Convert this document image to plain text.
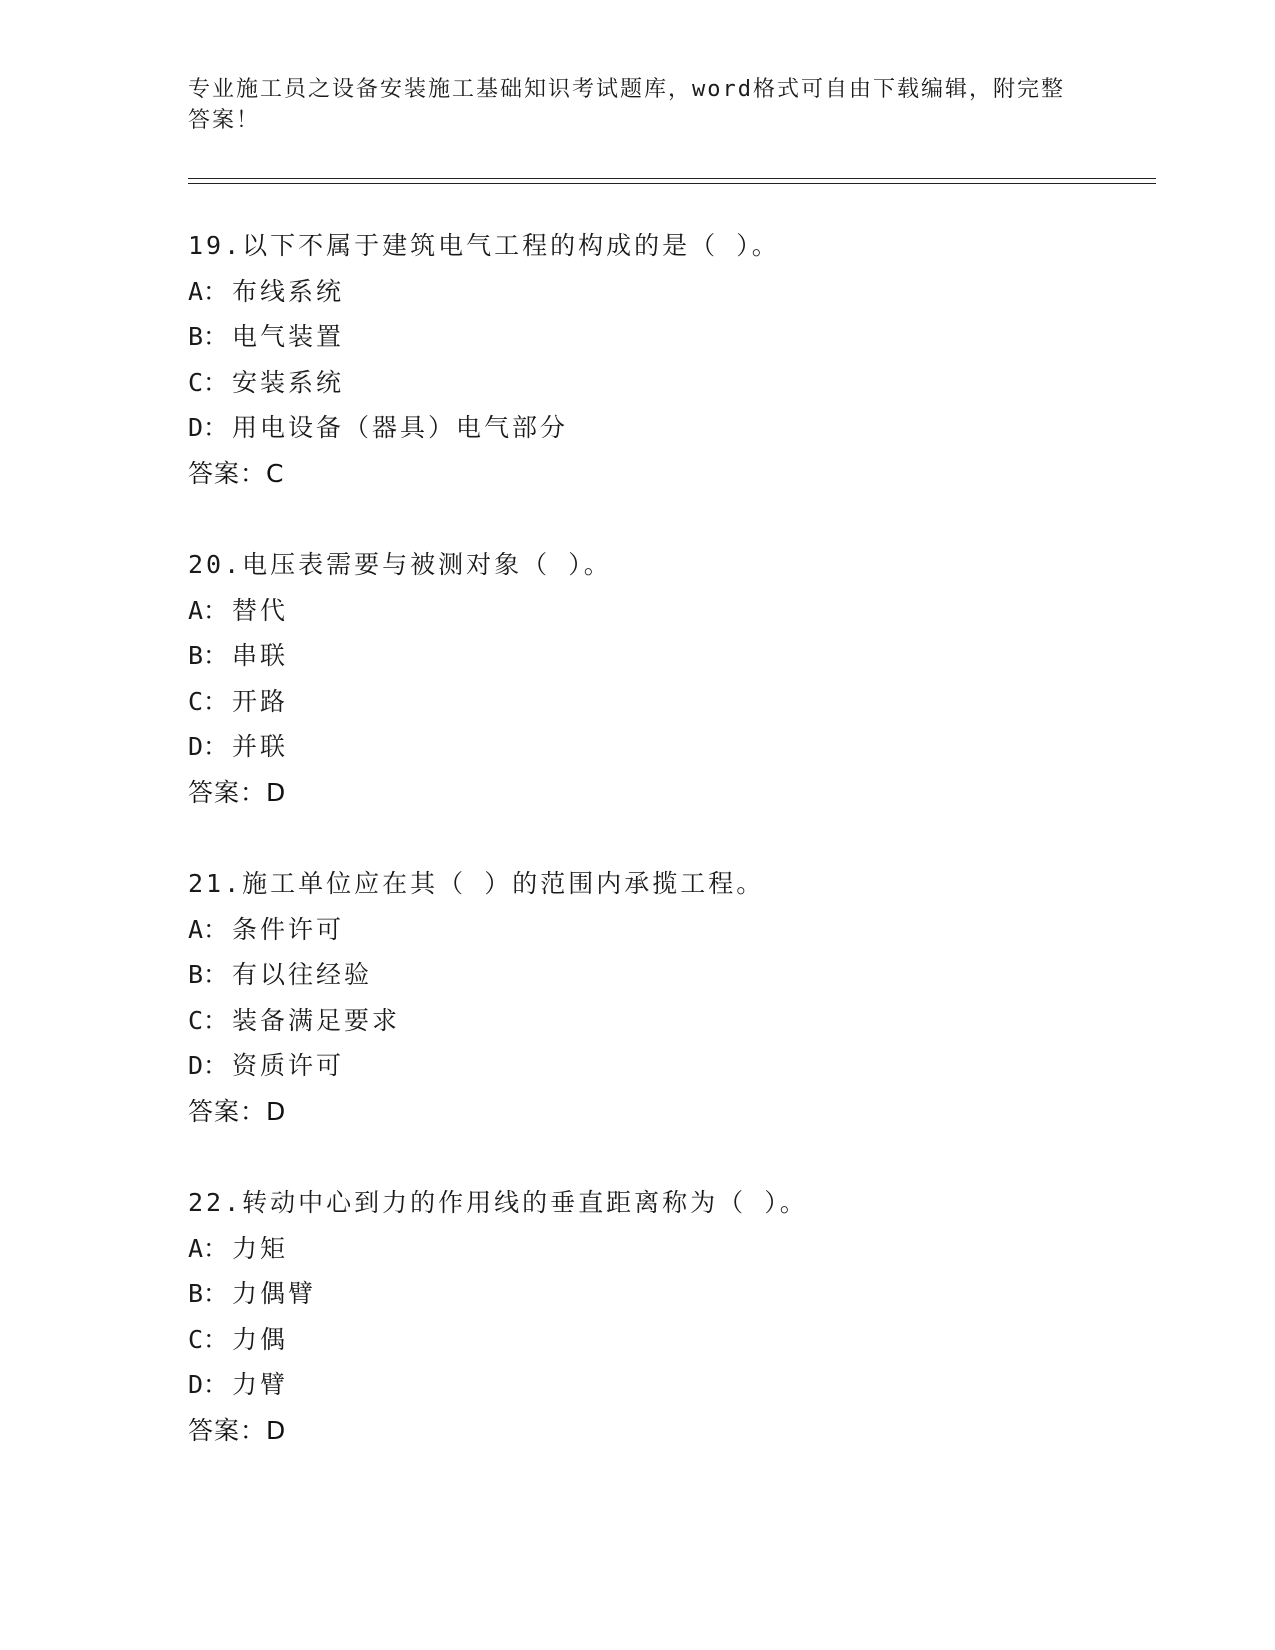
专业施工员之设备安装施工基础知识考试题库，word格式可自由下载编辑，附完整答案！
19.以下不属于建筑电气工程的构成的是（ ）。
A： 布线系统
B： 电气装置
C： 安装系统
D： 用电设备（器具）电气部分
答案：C
20.电压表需要与被测对象（ ）。
A： 替代
B： 串联
C： 开路
D： 并联
答案：D
21.施工单位应在其（ ）的范围内承揽工程。
A： 条件许可
B： 有以往经验
C： 装备满足要求
D： 资质许可
答案：D
22.转动中心到力的作用线的垂直距离称为（ ）。
A： 力矩
B： 力偶臂
C： 力偶
D： 力臂
答案：D
